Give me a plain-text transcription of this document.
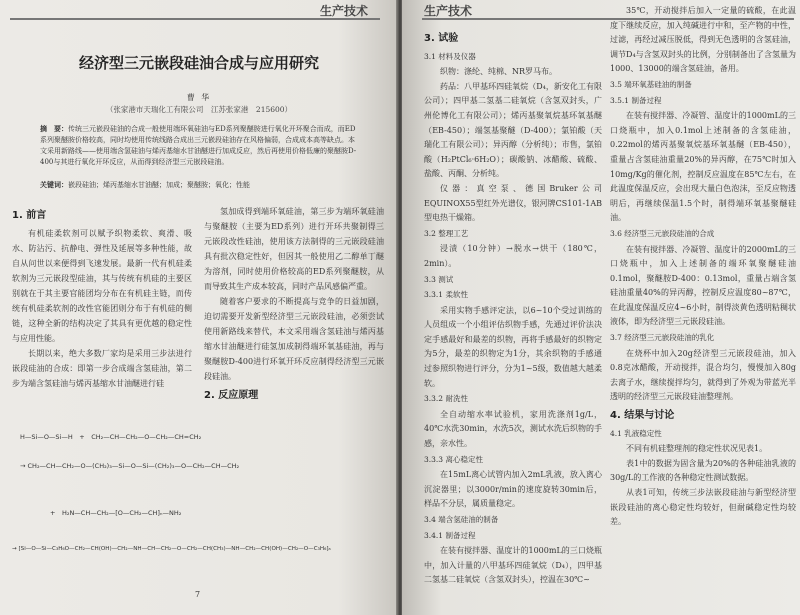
生产技术
经济型三元嵌段硅油合成与应用研究
曹 华
（张家港市天瑞化工有限公司　江苏张家港　215600）
摘　要：传统三元嵌段硅油的合成一般使用端环氧硅油与ED系列聚醚胺进行氧化开环聚合而成，而ED系列聚醚胺价格较高，同时均使用传统线路合成出三元嵌段硅油存在风格偏弱，合成成本高等缺点。本文采用新路线——使用端含氢硅油与烯丙基缩水甘油醚进行加成反应，然后再使用价格低廉的聚醚胺D-400与其进行氧化开环反应，从而得到经济型三元嵌段硅油。
关键词：嵌段硅油；烯丙基缩水甘油醚；加成；聚醚胺；氧化；性能
1. 前言

有机硅柔软剂可以赋予织物柔软、爽滑、吸水、防沾污、抗静电、弹性及延展等多种性能，故自从问世以来便得到飞速发展。最新一代有机硅柔软剂为三元嵌段型硅油，其与传统有机硅的主要区别就在于其主要官能团均分布在有机硅主链，而传统有机硅柔软剂的改性官能团则分布于有机硅的侧链，这种全新的结构决定了其具有更优越的稳定性与应用性能。

长期以来，绝大多数厂家均是采用三步法进行嵌段硅油的合成：即第一步合成端含氢硅油，第二步为端含氢硅油与烯丙基缩水甘油醚进行硅

氢加成得到端环氧硅油，第三步为端环氧硅油与聚醚胺（主要为ED系列）进行开环共聚制得三元嵌段改性硅油，使用该方法制得的三元嵌段硅油具有批次稳定性好，但因其一般使用乙二醇单丁醚为溶剂，同时使用价格较高的ED系列聚醚胺，从而导致其生产成本较高，同时产品风感偏严重。

随着客户要求的不断提高与竞争的日益加剧，迫切需要开发新型经济型三元嵌段硅油，必须尝试使用新路线来替代，本文采用端含氢硅油与烯丙基缩水甘油醚进行硅氢加成制得端环氧基硅油，再与聚醚胺D-400进行环氧开环反应制得经济型三元嵌段硅油。

2. 反应原理
H—Si—O—Si—H　+　CH₂—CH—CH₂—O—CH₂—CH=CH₂
→ CH₂—CH—CH₂—O—(CH₂)₃—Si—O—Si—(CH₂)₃—O—CH₂—CH—CH₂
+　H₂N—CH—CH₂—[O—CH₂—CH]ₙ—NH₂
→ [Si—O—Si—C₃H₆O—CH₂—CH(OH)—CH₂—NH—CH—CH₂—O—CH₂—CH(CH₃)—NH—CH₂—CH(OH)—CH₂—O—C₃H₆]ₐ
7
生产技术
3. 试验
3.1 材料及仪器

织物：涤纶、纯棉、NR罗马布。

药品：八甲基环四硅氧烷（D₄，新安化工有限公司）；四甲基二氢基二硅氧烷（含氢双封头，广州伦博化工有限公司）；烯丙基聚氧烷基环氧基醚（EB-450）；端氢基聚醚（D-400）；氯铂酸（天瑞化工有限公司）；异丙醇（分析纯）；市售，氯铂酸（H₂PtCl₆·6H₂O）；碳酸钠、冰醋酸、硫酸、盐酸、丙酮、分析纯。

仪器：真空泵、德国Bruker公司EQUINOX55型红外光谱仪，银河牌CS101-1AB型电热干燥箱。

3.2 整理工艺

浸渍（10分钟）→脱水→烘干（180℃，2min）。

3.3 测试
3.3.1 柔软性

采用实物手感评定法，以6~10个受过训练的人员组成一个小组评估织物手感，先通过评价法决定手感最好和最差的织物，再将手感最好的织物定为5分，最差的织物定为1分，其余织物的手感通过参照织物进行评分，分为1~5级，数值越大越柔软。

3.3.2 耐洗性

全自动缩水率试验机，家用洗涤剂1g/L，40℃水洗30min，水洗5次，测试水洗后织物的手感，亲水性。

3.3.3 离心稳定性

在15mL离心试管内加入2mL乳液，放入离心沉淀器里；以3000r/min的速度旋转30min后，样品不分层，属质量稳定。

3.4 端含氢硅油的制备
3.4.1 制备过程

在装有搅拌器、温度计的1000mL的三口烧瓶中，加入计量的八甲基环四硅氧烷（D₄），四甲基二氢基二硅氧烷（含氢双封头），控温在30℃~

35℃，开动搅拌后加入一定量的硫酸，在此温度下继续反应，加入纯碱进行中和，至产物的中性，过滤，再经过减压脱低，得到无色透明的含氢硅油，调节D₄与含氢双封头的比例，分别制备出了含氢量为1000、13000的端含氢硅油，备用。

3.5 端环氧基硅油的制备
3.5.1 制备过程

在装有搅拌器、冷凝管、温度计的1000mL的三口烧瓶中，加入0.1mol上述制备的含氢硅油，0.22mol的烯丙基聚氧烷基环氧基醚（EB-450），重量占含氢硅油重量20%的异丙醇，在75℃时加入10mg/Kg的催化剂，控制反应温度在85℃左右，在此温度保温反应，会出现大量白色泡沫，至反应物透明后，再继续保温1.5个时，制得端环氧基聚醚硅油。

3.6 经济型三元嵌段硅油的合成

在装有搅拌器、冷凝管、温度计的2000mL的三口烧瓶中，加入上述制备的端环氧聚醚硅油0.1mol，聚醚胺D-400：0.13mol，重量占端含氢硅油重量40%的异丙醇，控制反应温度80~87℃，在此温度保温反应4~6小时，制得淡黄色透明粘稠状液体，即为经济型三元嵌段硅油。

3.7 经济型三元嵌段硅油的乳化

在烧杯中加入20g经济型三元嵌段硅油，加入0.8克冰醋酸，开动搅拌，混合均匀，慢慢加入80g去离子水，继续搅拌均匀，就得到了外观为带蓝光半透明的经济型三元嵌段硅油整理剂。

4. 结果与讨论
4.1 乳液稳定性

不同有机硅整理剂的稳定性状况见表1。

表1中的数据为固含量为20%的各种硅油乳液的30g/L的工作液的各种稳定性测试数据。

从表1可知，传统三步法嵌段硅油与新型经济型嵌段硅油的离心稳定性均较好，但耐碱稳定性均较差。
